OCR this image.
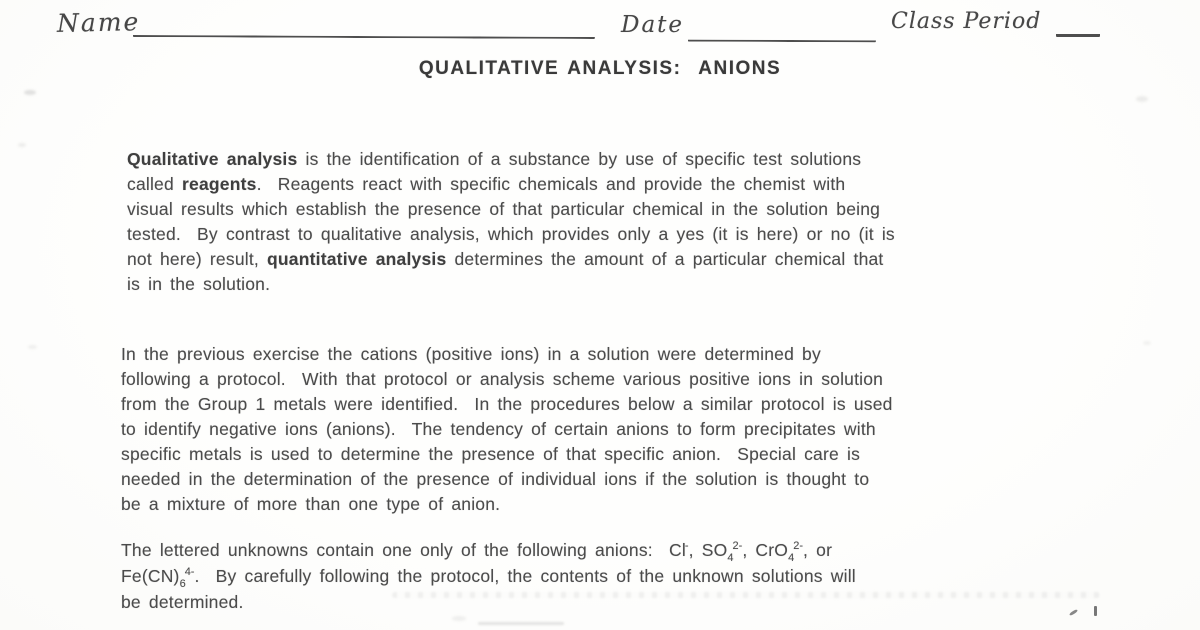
Name	Date	Class Period
QUALITATIVE ANALYSIS:  ANIONS
Qualitative analysis is the identification of a substance by use of specific test solutions
called reagents.  Reagents react with specific chemicals and provide the chemist with
visual results which establish the presence of that particular chemical in the solution being
tested.  By contrast to qualitative analysis, which provides only a yes (it is here) or no (it is
not here) result, quantitative analysis determines the amount of a particular chemical that
is in the solution.
In the previous exercise the cations (positive ions) in a solution were determined by
following a protocol.  With that protocol or analysis scheme various positive ions in solution
from the Group 1 metals were identified.  In the procedures below a similar protocol is used
to identify negative ions (anions).  The tendency of certain anions to form precipitates with
specific metals is used to determine the presence of that specific anion.  Special care is
needed in the determination of the presence of individual ions if the solution is thought to
be a mixture of more than one type of anion.
The lettered unknowns contain one only of the following anions:  Cl-, $SO_4^{2-}$, CrO$_4^{2-}$, or
$Fe(CN)_6^{4-}$.  By carefully following the protocol, the contents of the unknown solutions will
be determined.
